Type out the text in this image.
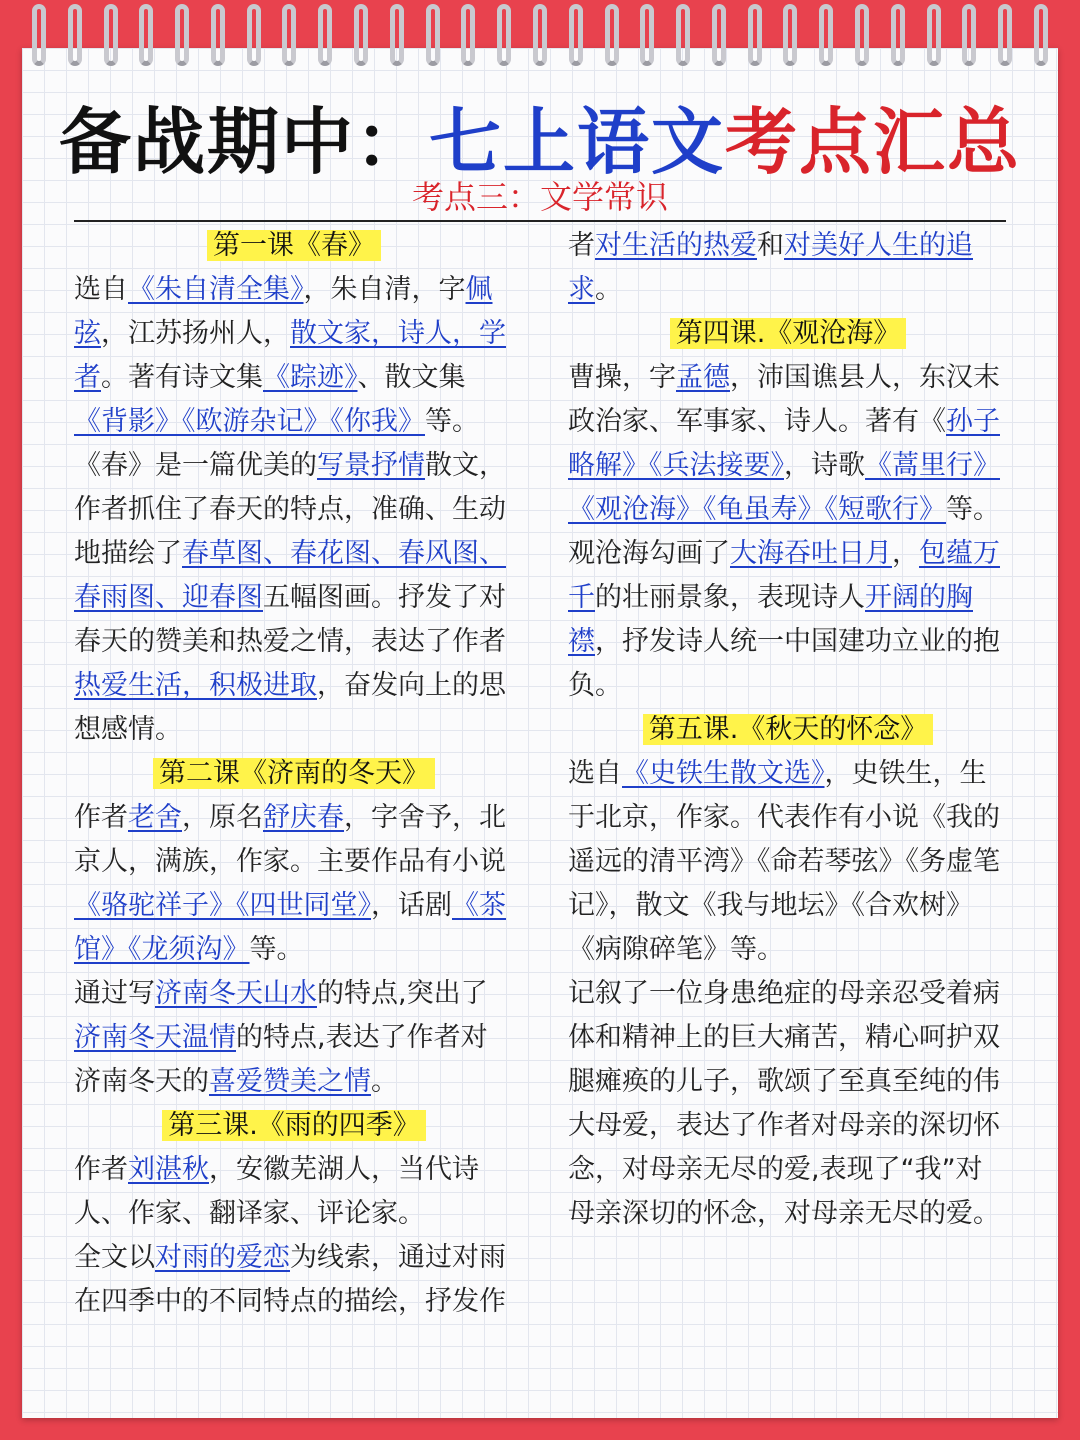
备战期中：七上语文考点汇总
考点三：文学常识

第一课《春》

选自《朱自清全集》，朱自清，字佩弦，江苏扬州人，散文家，诗人，学者。著有诗文集《踪迹》、散文集《背影》《欧游杂记》《你我》等。

《春》是一篇优美的写景抒情散文，作者抓住了春天的特点，准确、生动地描绘了春草图、春花图、春风图、春雨图、迎春图五幅图画。抒发了对春天的赞美和热爱之情，表达了作者热爱生活，积极进取，奋发向上的思想感情。

第二课《济南的冬天》

作者老舍，原名舒庆春，字舍予，北京人，满族，作家。主要作品有小说《骆驼祥子》《四世同堂》，话剧《茶馆》《龙须沟》等。

通过写济南冬天山水的特点,突出了济南冬天温情的特点,表达了作者对济南冬天的喜爱赞美之情。

第三课.《雨的四季》

作者刘湛秋，安徽芜湖人，当代诗人、作家、翻译家、评论家。

全文以对雨的爱恋为线索，通过对雨在四季中的不同特点的描绘，抒发作

者对生活的热爱和对美好人生的追求。

第四课.《观沧海》

曹操，字孟德，沛国谯县人，东汉末政治家、军事家、诗人。著有《孙子略解》《兵法接要》，诗歌《蒿里行》《观沧海》《龟虽寿》《短歌行》等。

观沧海勾画了大海吞吐日月，包蕴万千的壮丽景象，表现诗人开阔的胸襟，抒发诗人统一中国建功立业的抱负。

第五课.《秋天的怀念》

选自《史铁生散文选》，史铁生，生于北京，作家。代表作有小说《我的遥远的清平湾》《命若琴弦》《务虚笔记》，散文《我与地坛》《合欢树》《病隙碎笔》等。

记叙了一位身患绝症的母亲忍受着病体和精神上的巨大痛苦，精心呵护双腿瘫痪的儿子，歌颂了至真至纯的伟大母爱，表达了作者对母亲的深切怀念，对母亲无尽的爱,表现了“我”对母亲深切的怀念，对母亲无尽的爱。
